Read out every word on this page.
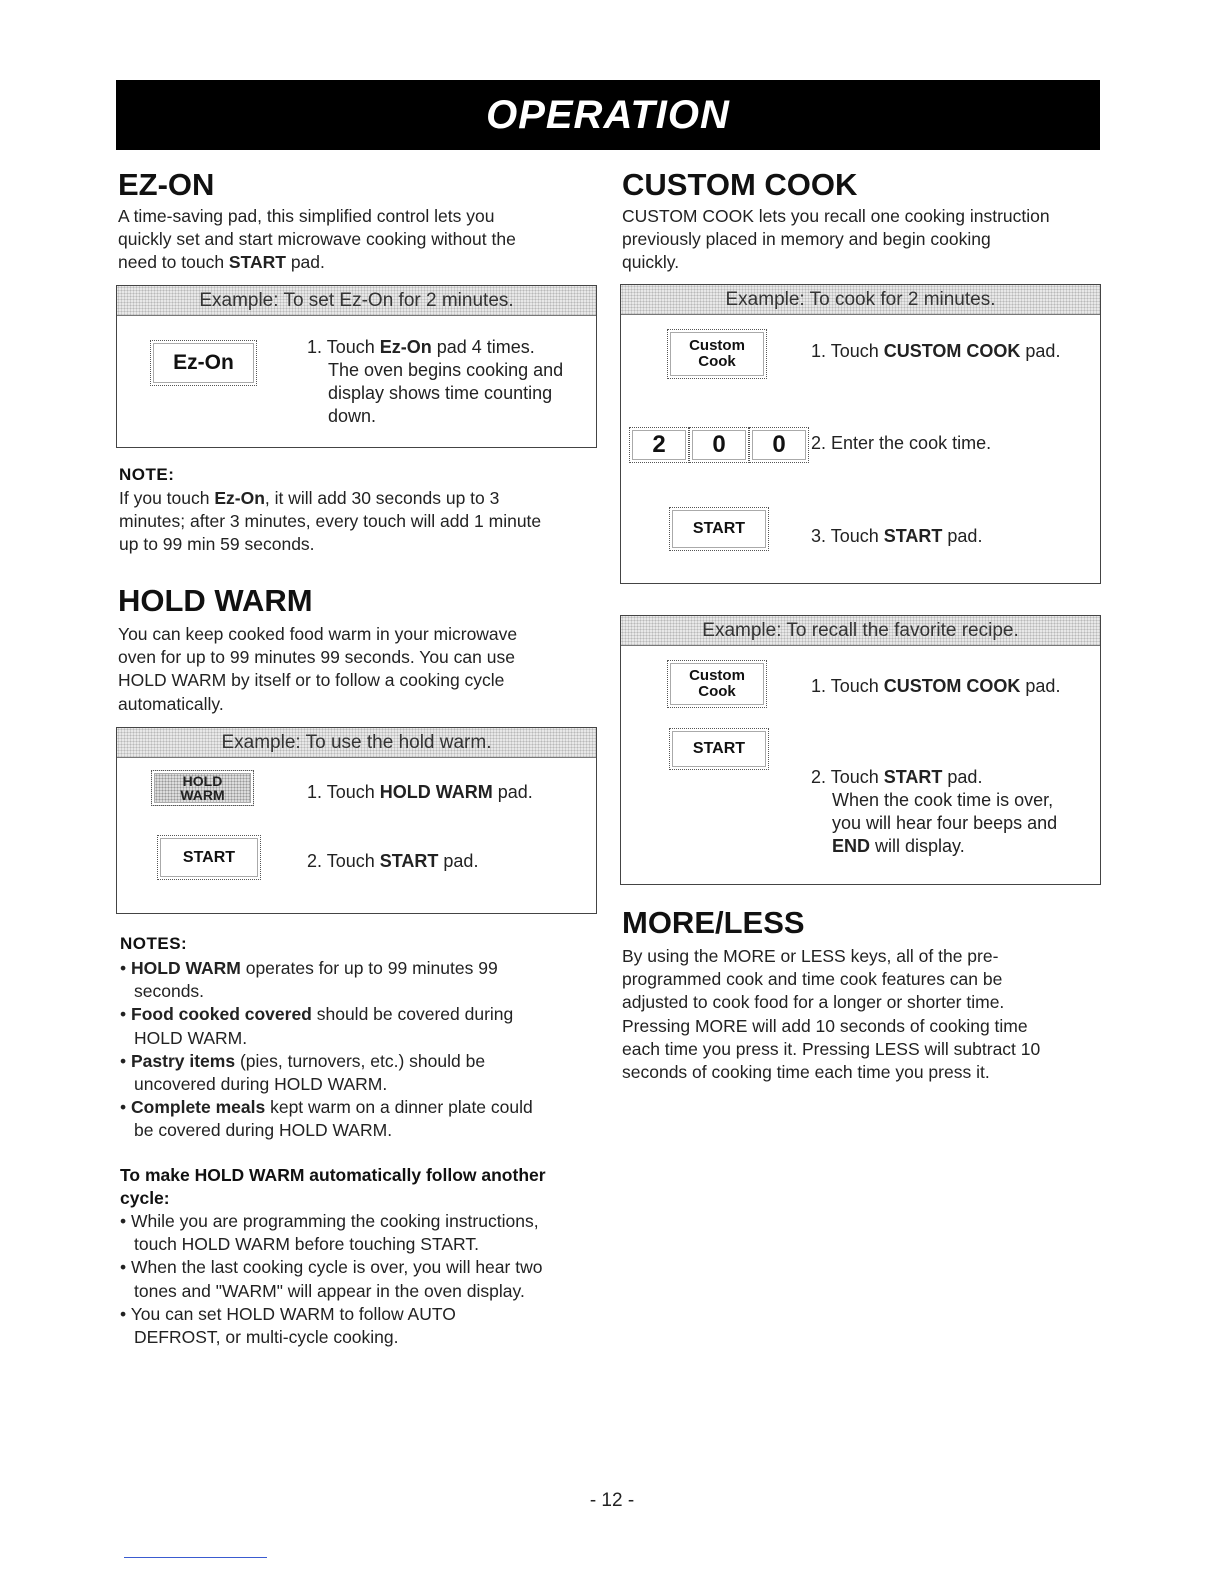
OPERATION
EZ-ON

A time-saving pad, this simplified control lets you

quickly set and start microwave cooking without the

need to touch START pad.

Example: To set Ez-On for 2 minutes.
Ez-On
1. Touch Ez-On pad 4 times.
The oven begins cooking and
display shows time counting
down.

NOTE:

If you touch Ez-On, it will add 30 seconds up to 3

minutes; after 3 minutes, every touch will add 1 minute

up to 99 min 59 seconds.

HOLD WARM

You can keep cooked food warm in your microwave

oven for up to 99 minutes 99 seconds. You can use

HOLD WARM by itself or to follow a cooking cycle

automatically.

Example: To use the hold warm.
HOLD
WARM	1. Touch HOLD WARM pad.
START	2. Touch START pad.

NOTES:

• HOLD WARM operates for up to 99 minutes 99
seconds.
• Food cooked covered should be covered during
HOLD WARM.
• Pastry items (pies, turnovers, etc.) should be
uncovered during HOLD WARM.
• Complete meals kept warm on a dinner plate could
be covered during HOLD WARM.

To make HOLD WARM automatically follow another

cycle:

• While you are programming the cooking instructions,
touch HOLD WARM before touching START.
• When the last cooking cycle is over, you will hear two
tones and "WARM" will appear in the oven display.
• You can set HOLD WARM to follow AUTO
DEFROST, or multi-cycle cooking.
CUSTOM COOK

CUSTOM COOK lets you recall one cooking instruction

previously placed in memory and begin cooking

quickly.

Example: To cook for 2 minutes.
Custom
Cook
1. Touch CUSTOM COOK pad.
2	0	0	2. Enter the cook time.
START	3. Touch START pad.
Example: To recall the favorite recipe.
Custom
Cook	1. Touch CUSTOM COOK pad.
START
2. Touch START pad.
When the cook time is over,
you will hear four beeps and
END will display.
MORE/LESS

By using the MORE or LESS keys, all of the pre-

programmed cook and time cook features can be

adjusted to cook food for a longer or shorter time.

Pressing MORE will add 10 seconds of cooking time

each time you press it. Pressing LESS will subtract 10

seconds of cooking time each time you press it.

- 12 -
